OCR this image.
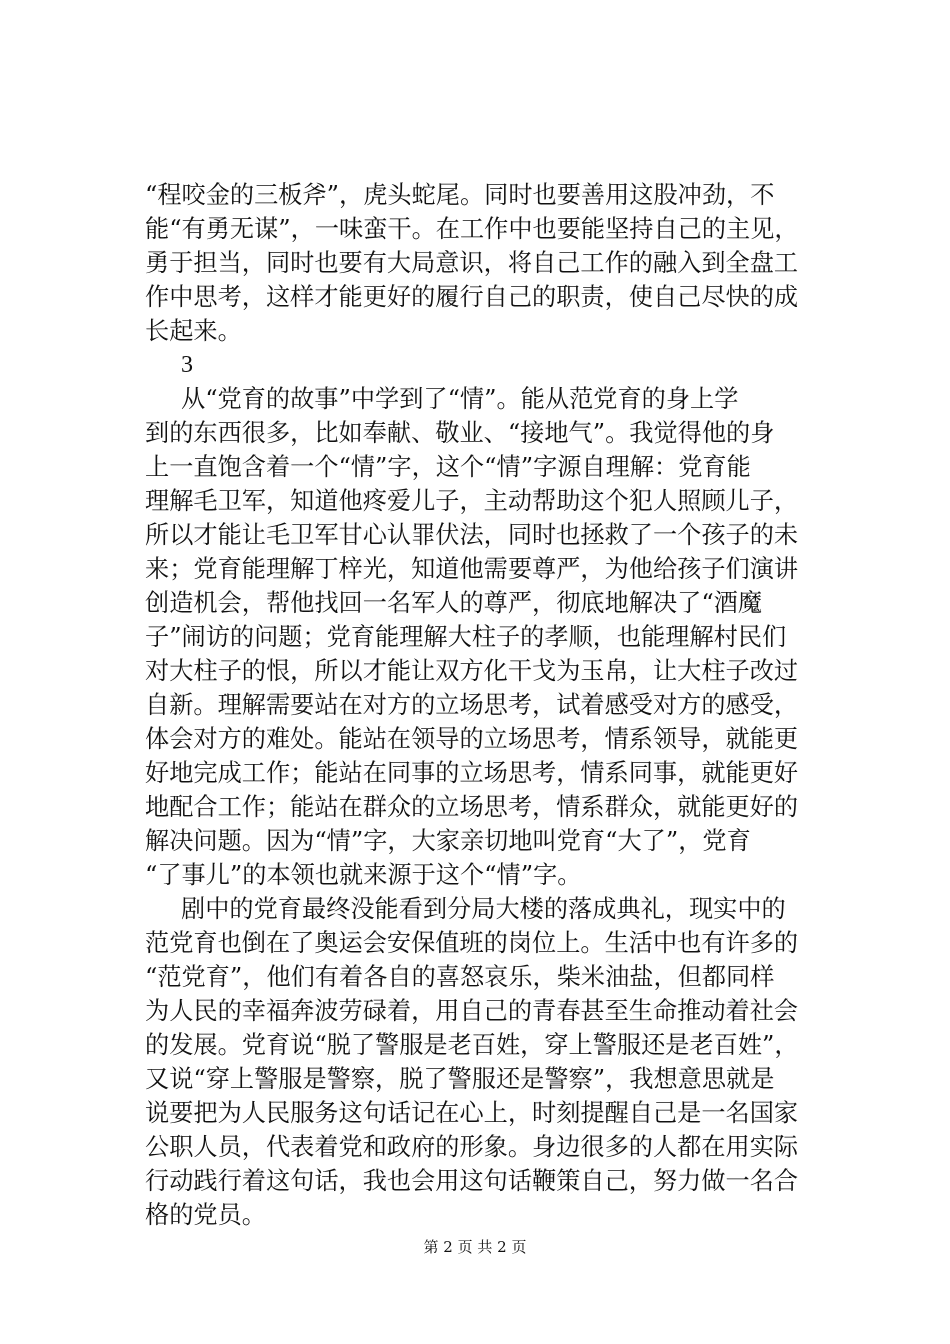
“程咬金的三板斧”，虎头蛇尾。同时也要善用这股冲劲，不
能“有勇无谋”，一味蛮干。在工作中也要能坚持自己的主见，
勇于担当，同时也要有大局意识，将自己工作的融入到全盘工
作中思考，这样才能更好的履行自己的职责，使自己尽快的成
长起来。
3
从“党育的故事”中学到了“情”。能从范党育的身上学
到的东西很多，比如奉献、敬业、“接地气”。我觉得他的身
上一直饱含着一个“情”字，这个“情”字源自理解：党育能
理解毛卫军，知道他疼爱儿子，主动帮助这个犯人照顾儿子，
所以才能让毛卫军甘心认罪伏法，同时也拯救了一个孩子的未
来；党育能理解丁梓光，知道他需要尊严，为他给孩子们演讲
创造机会，帮他找回一名军人的尊严，彻底地解决了“酒魔
子”闹访的问题；党育能理解大柱子的孝顺，也能理解村民们
对大柱子的恨，所以才能让双方化干戈为玉帛，让大柱子改过
自新。理解需要站在对方的立场思考，试着感受对方的感受，
体会对方的难处。能站在领导的立场思考，情系领导，就能更
好地完成工作；能站在同事的立场思考，情系同事，就能更好
地配合工作；能站在群众的立场思考，情系群众，就能更好的
解决问题。因为“情”字，大家亲切地叫党育“大了”，党育
“了事儿”的本领也就来源于这个“情”字。
剧中的党育最终没能看到分局大楼的落成典礼，现实中的
范党育也倒在了奥运会安保值班的岗位上。生活中也有许多的
“范党育”，他们有着各自的喜怒哀乐，柴米油盐，但都同样
为人民的幸福奔波劳碌着，用自己的青春甚至生命推动着社会
的发展。党育说“脱了警服是老百姓，穿上警服还是老百姓”，
又说“穿上警服是警察，脱了警服还是警察”，我想意思就是
说要把为人民服务这句话记在心上，时刻提醒自己是一名国家
公职人员，代表着党和政府的形象。身边很多的人都在用实际
行动践行着这句话，我也会用这句话鞭策自己，努力做一名合
格的党员。
第 2 页 共 2 页
